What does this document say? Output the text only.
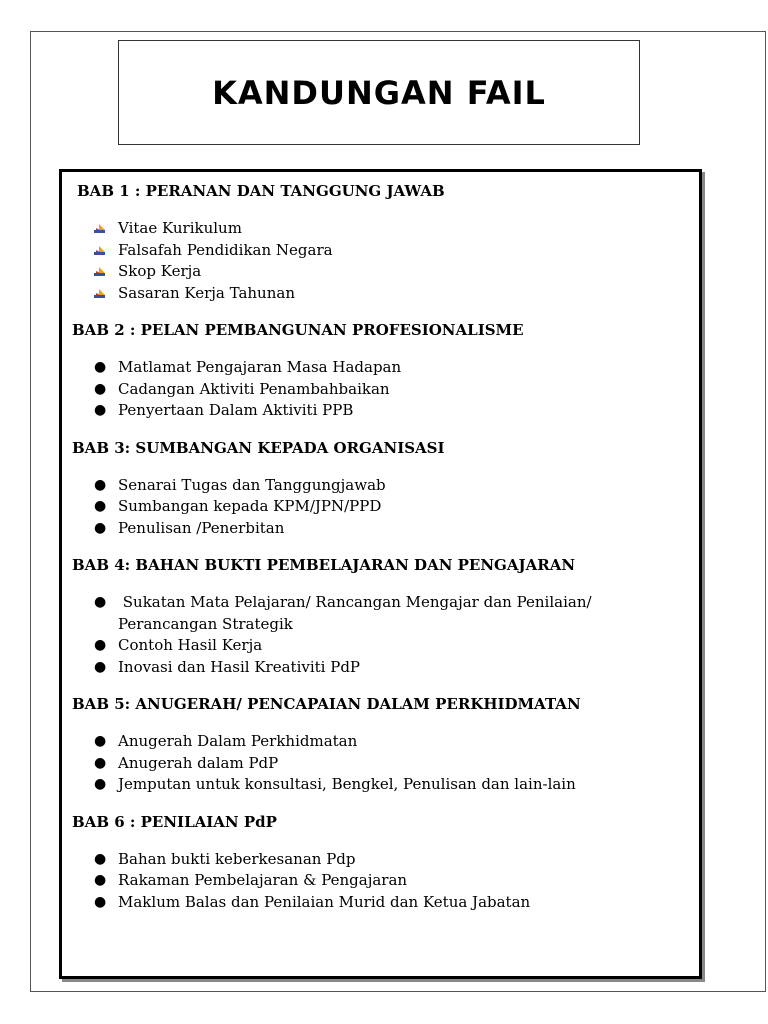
KANDUNGAN FAIL

BAB 1 : PERANAN DAN TANGGUNG JAWAB

Vitae Kurikulum
Falsafah Pendidikan Negara
Skop Kerja
Sasaran Kerja Tahunan

BAB 2 : PELAN PEMBANGUNAN PROFESIONALISME

● Matlamat Pengajaran Masa Hadapan
● Cadangan Aktiviti Penambahbaikan
● Penyertaan Dalam Aktiviti PPB

BAB 3: SUMBANGAN KEPADA ORGANISASI

● Senarai Tugas dan Tanggungjawab
● Sumbangan kepada KPM/JPN/PPD
● Penulisan /Penerbitan

BAB 4: BAHAN BUKTI PEMBELAJARAN DAN PENGAJARAN

● Sukatan Mata Pelajaran/ Rancangan Mengajar dan Penilaian/ Perancangan Strategik
● Contoh Hasil Kerja
● Inovasi dan Hasil Kreativiti PdP

BAB 5: ANUGERAH/ PENCAPAIAN DALAM PERKHIDMATAN

● Anugerah Dalam Perkhidmatan
● Anugerah dalam PdP
● Jemputan untuk konsultasi, Bengkel, Penulisan dan lain-lain

BAB 6 : PENILAIAN PdP

● Bahan bukti keberkesanan Pdp
● Rakaman Pembelajaran & Pengajaran
● Maklum Balas dan Penilaian Murid dan Ketua Jabatan
